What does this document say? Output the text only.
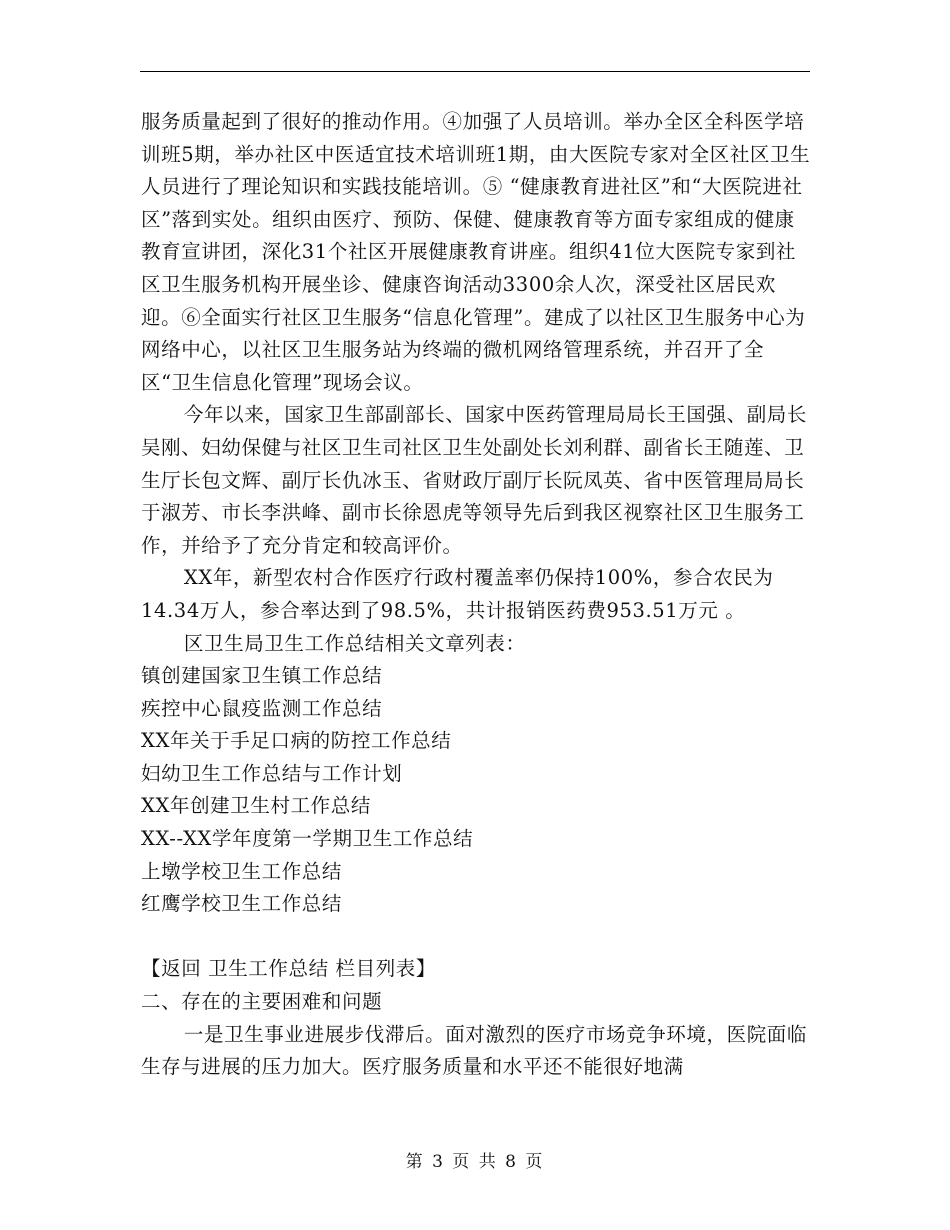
服务质量起到了很好的推动作用。④加强了人员培训。举办全区全科医学培训班5期，举办社区中医适宜技术培训班1期，由大医院专家对全区社区卫生人员进行了理论知识和实践技能培训。⑤ “健康教育进社区”和“大医院进社区”落到实处。组织由医疗、预防、保健、健康教育等方面专家组成的健康教育宣讲团，深化31个社区开展健康教育讲座。组织41位大医院专家到社区卫生服务机构开展坐诊、健康咨询活动3300余人次，深受社区居民欢迎。⑥全面实行社区卫生服务“信息化管理”。建成了以社区卫生服务中心为网络中心，以社区卫生服务站为终端的微机网络管理系统，并召开了全区“卫生信息化管理”现场会议。

今年以来，国家卫生部副部长、国家中医药管理局局长王国强、副局长吴刚、妇幼保健与社区卫生司社区卫生处副处长刘利群、副省长王随莲、卫生厅长包文辉、副厅长仇冰玉、省财政厅副厅长阮凤英、省中医管理局局长于淑芳、市长李洪峰、副市长徐恩虎等领导先后到我区视察社区卫生服务工作，并给予了充分肯定和较高评价。

XX年，新型农村合作医疗行政村覆盖率仍保持100%，参合农民为14.34万人，参合率达到了98.5%，共计报销医药费953.51万元 。

区卫生局卫生工作总结相关文章列表：

镇创建国家卫生镇工作总结

疾控中心鼠疫监测工作总结

XX年关于手足口病的防控工作总结

妇幼卫生工作总结与工作计划

XX年创建卫生村工作总结

XX--XX学年度第一学期卫生工作总结

上墩学校卫生工作总结

红鹰学校卫生工作总结

【返回 卫生工作总结 栏目列表】

二、存在的主要困难和问题

一是卫生事业进展步伐滞后。面对激烈的医疗市场竞争环境，医院面临生存与进展的压力加大。医疗服务质量和水平还不能很好地满

第 3 页 共 8 页
